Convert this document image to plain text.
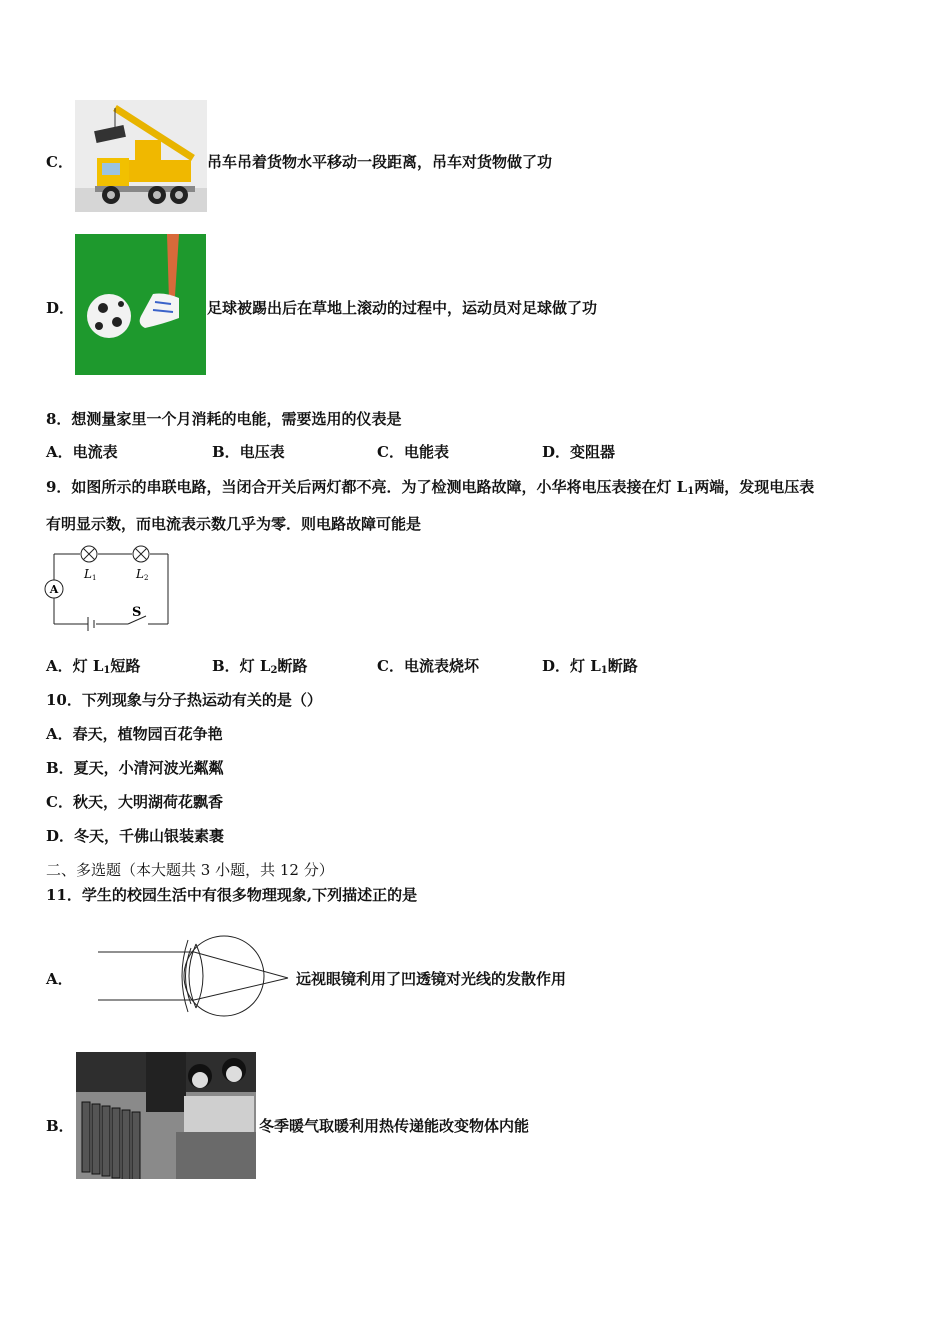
C．	吊车吊着货物水平移动一段距离，吊车对货物做了功
D．	足球被踢出后在草地上滚动的过程中，运动员对足球做了功
8．想测量家里一个月消耗的电能，需要选用的仪表是
A．电流表	B．电压表	C．电能表	D．变阻器
9．如图所示的串联电路，当闭合开关后两灯都不亮．为了检测电路故障，小华将电压表接在灯 $L_1$两端，发现电压表
有明显示数，而电流表示数几乎为零．则电路故障可能是
A
L 1	L 2
S
A．灯 $L_1$短路	B．灯 $L_2$断路	C．电流表烧坏	D．灯 $L_1$断路
10．下列现象与分子热运动有关的是（）
A．春天，植物园百花争艳
B．夏天，小清河波光粼粼
C．秋天，大明湖荷花飘香
D．冬天，千佛山银装素裹
二、多选题（本大题共 3 小题，共 12 分）
11．学生的校园生活中有很多物理现象,下列描述正的是
A．	远视眼镜利用了凹透镜对光线的发散作用
B．	冬季暖气取暖利用热传递能改变物体内能
